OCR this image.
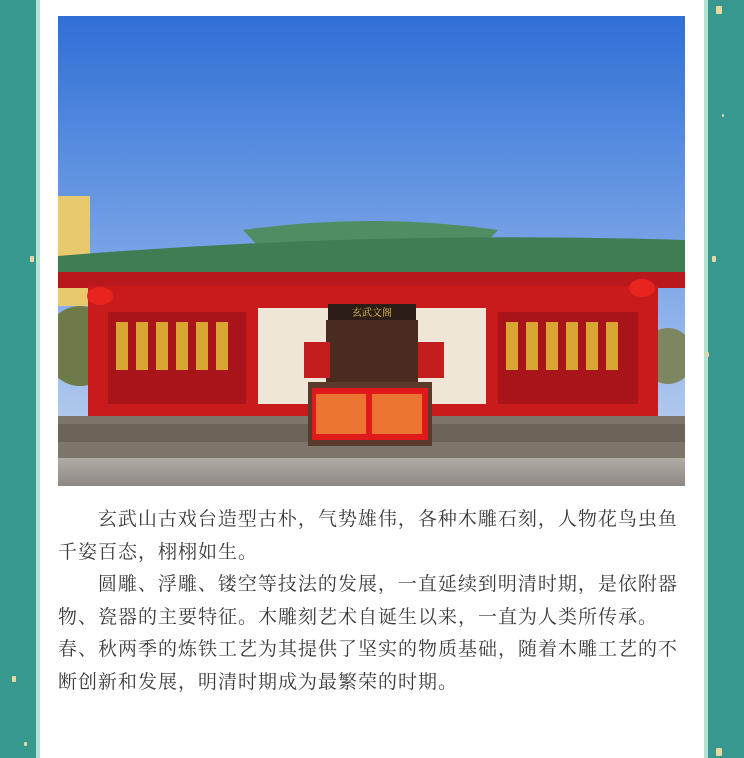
玄武文阁

玄武山古戏台造型古朴，气势雄伟，各种木雕石刻，人物花鸟虫鱼千姿百态，栩栩如生。

圆雕、浮雕、镂空等技法的发展，一直延续到明清时期，是依附器物、瓷器的主要特征。木雕刻艺术自诞生以来，一直为人类所传承。春、秋两季的炼铁工艺为其提供了坚实的物质基础，随着木雕工艺的不断创新和发展，明清时期成为最繁荣的时期。
